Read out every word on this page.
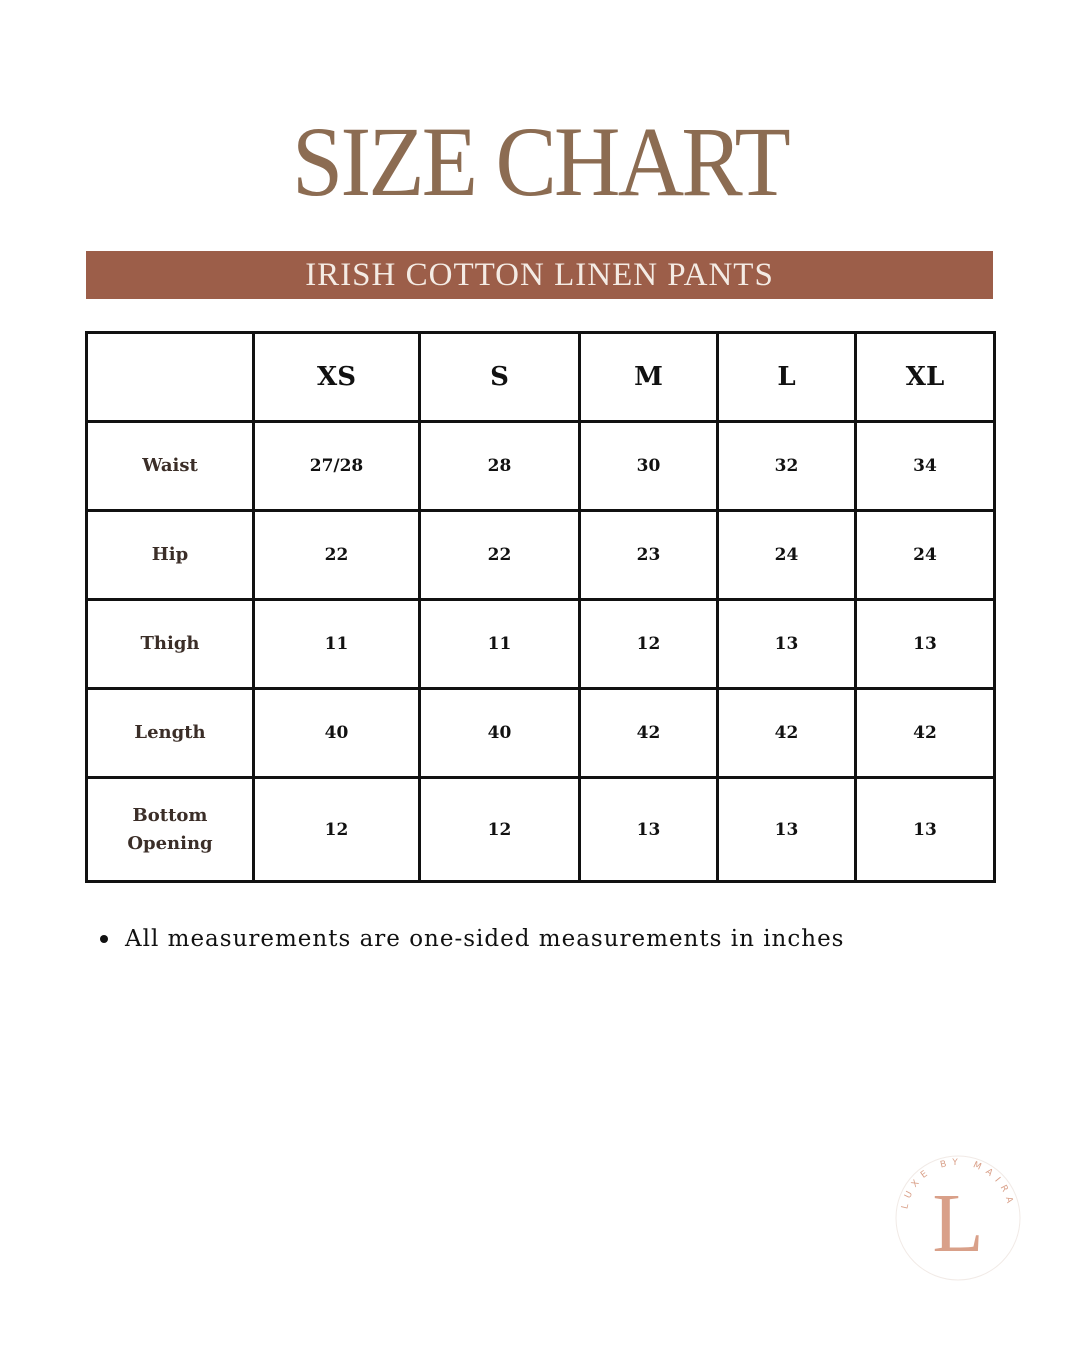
SIZE CHART
IRISH COTTON LINEN PANTS
	XS	S	M	L	XL
Waist	27/28	28	30	32	34
Hip	22	22	23	24	24
Thigh	11	11	12	13	13
Length	40	40	42	42	42
Bottom Opening	12	12	13	13	13
All measurements are one-sided measurements in inches
LUXE BY MAIRA
L
